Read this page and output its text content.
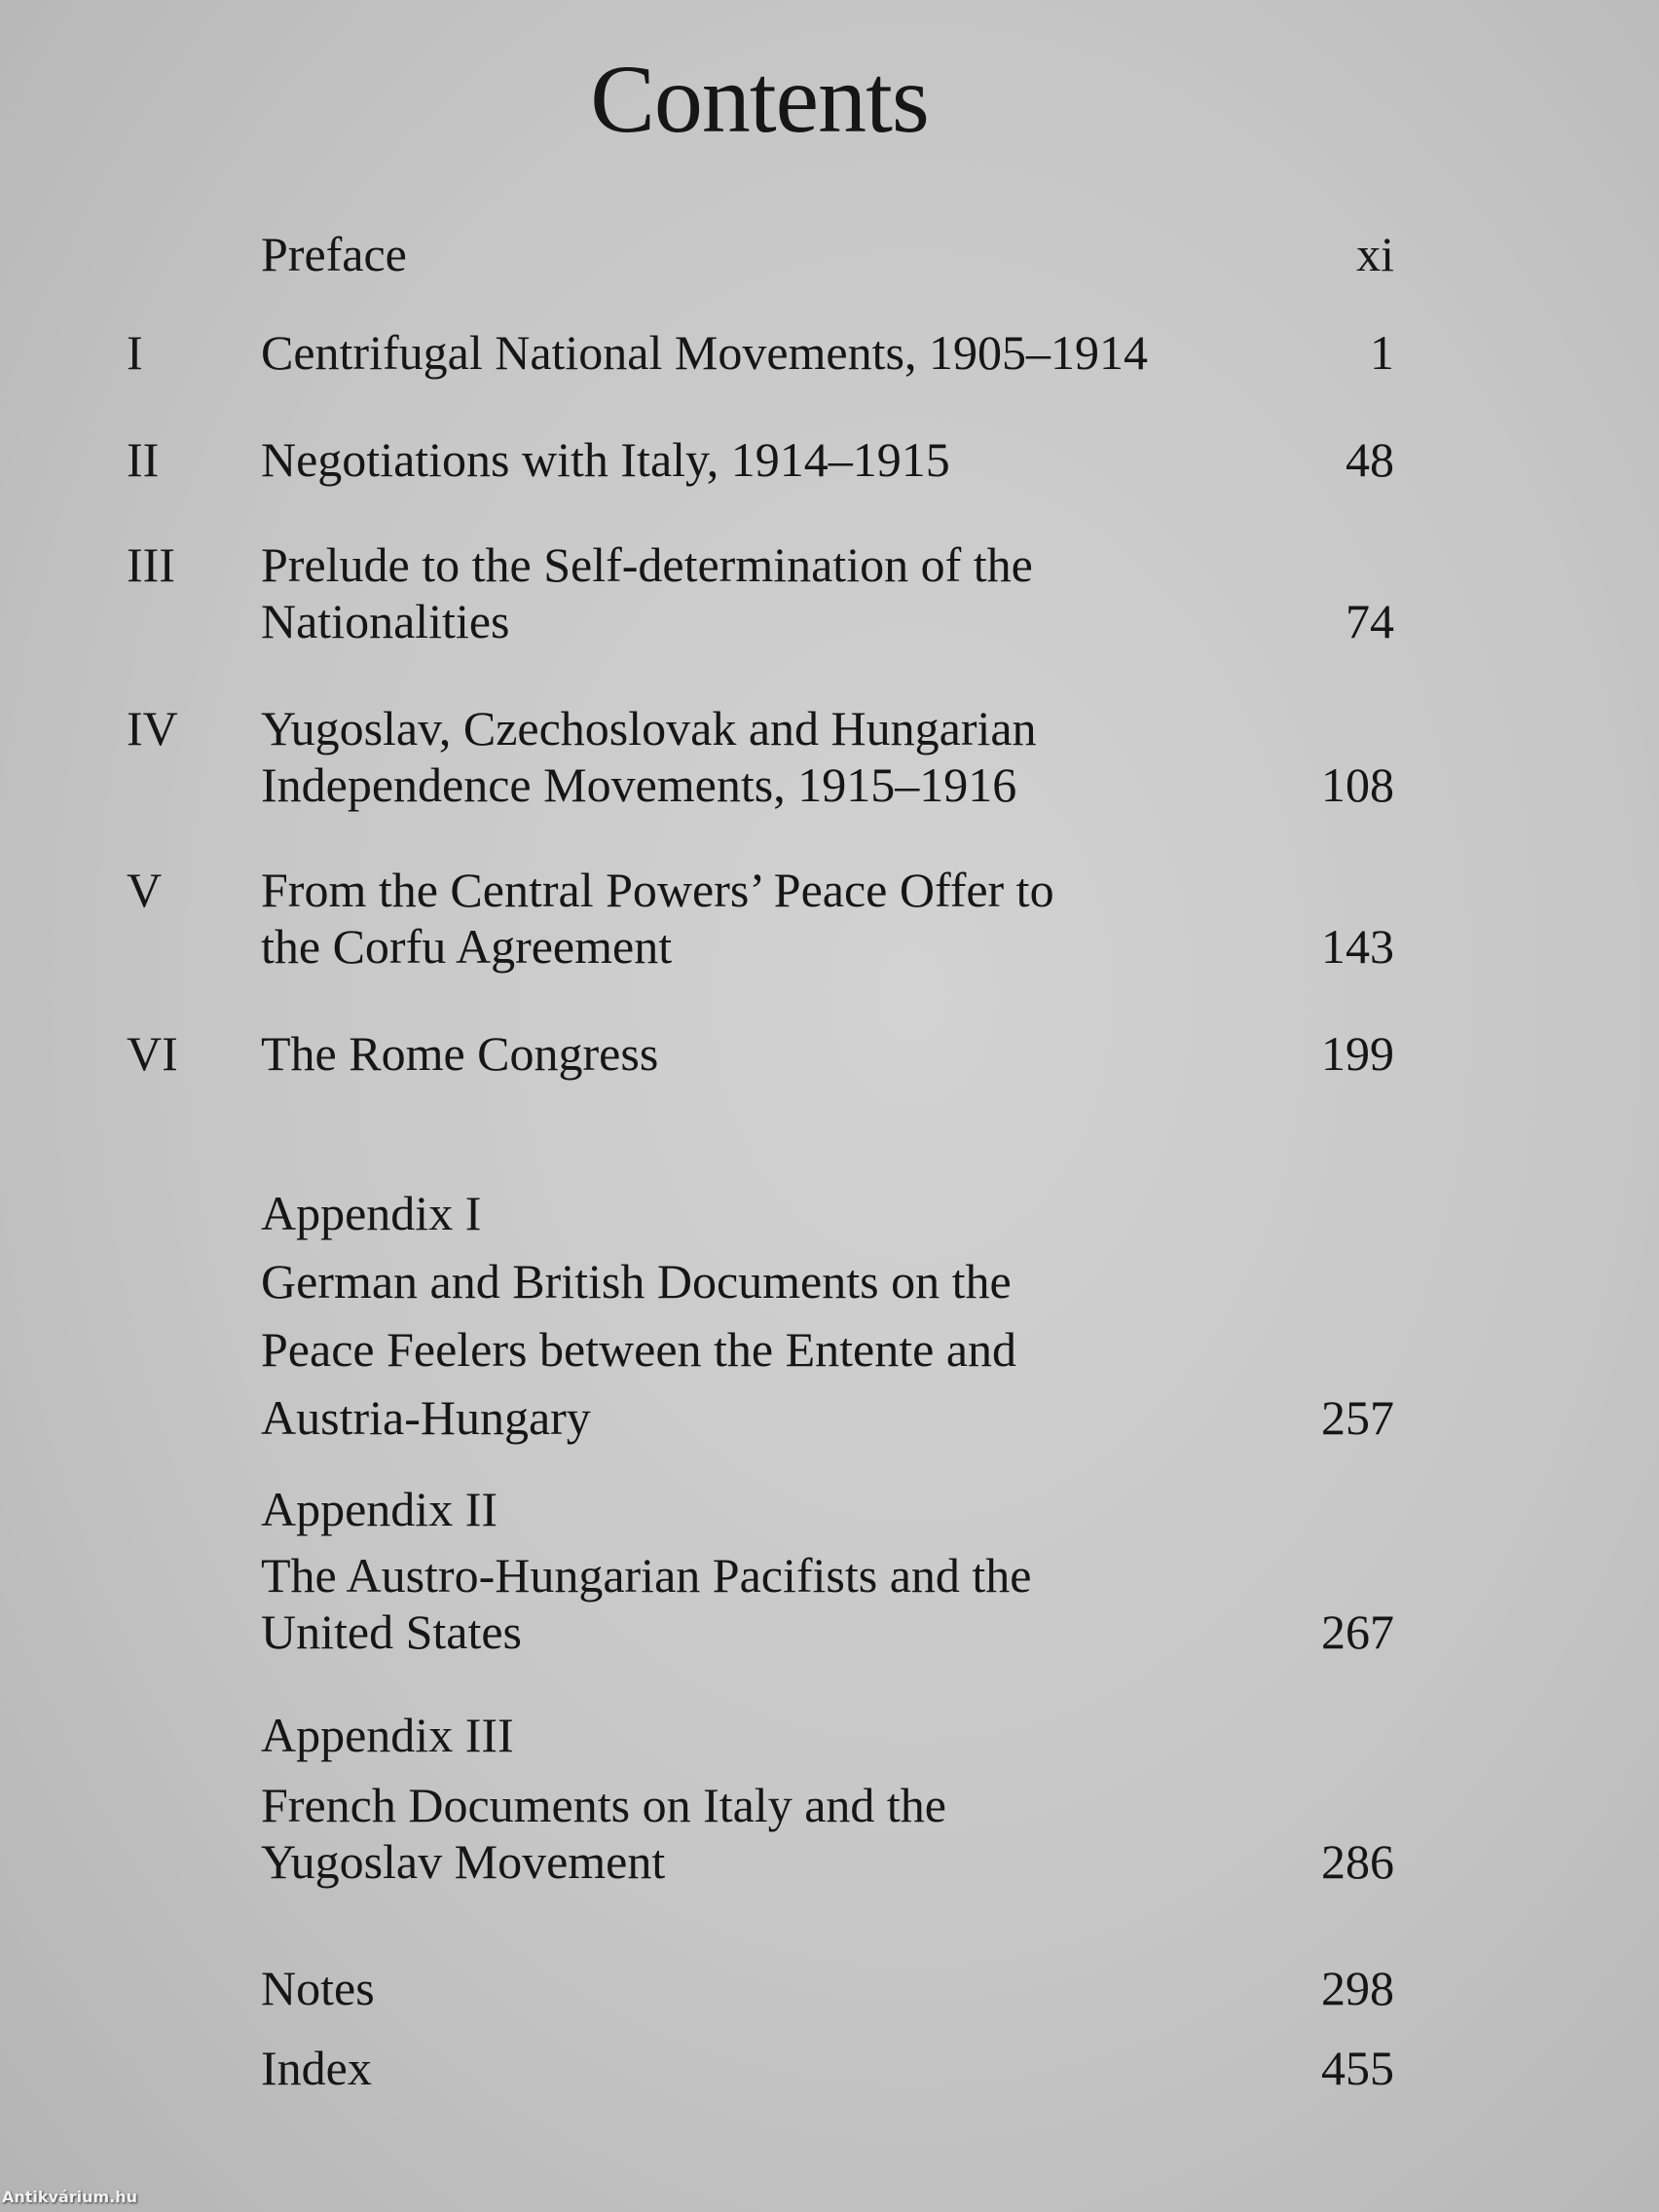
Contents
Preface	xi
I Centrifugal National Movements, 1905–1914	1
II Negotiations with Italy, 1914–1915	48
III Prelude to the Self-determination of the
Nationalities	74
IV Yugoslav, Czechoslovak and Hungarian
Independence Movements, 1915–1916	108
V From the Central Powers’ Peace Offer to
the Corfu Agreement	143
VI The Rome Congress	199
Appendix I
German and British Documents on the
Peace Feelers between the Entente and
Austria-Hungary	257
Appendix II
The Austro-Hungarian Pacifists and the
United States	267
Appendix III
French Documents on Italy and the
Yugoslav Movement	286
Notes	298
Index	455
Antikvárium.hu
